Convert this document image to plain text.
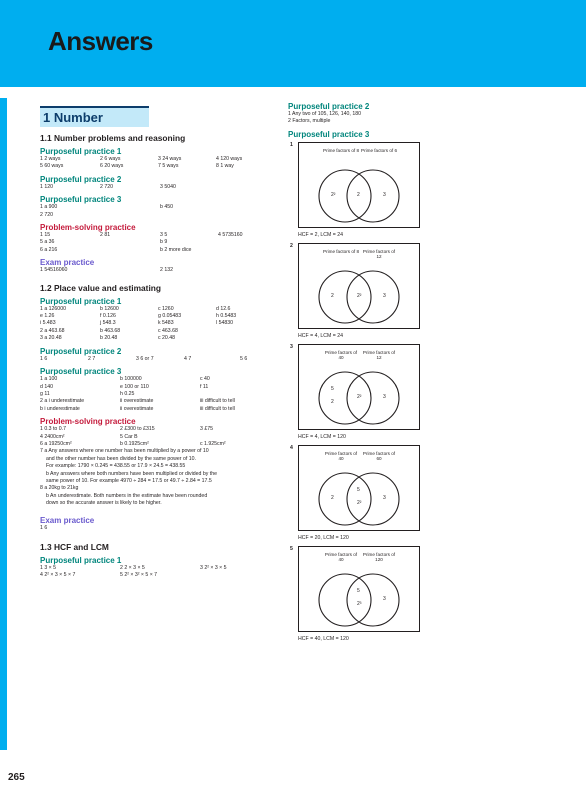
Answers
265
1 Number
1.1 Number problems and reasoning
Purposeful practice 1
1 2 ways	2 6 ways	3 24 ways	4 120 ways
5 60 ways	6 20 ways	7 5 ways	8 1 way
Purposeful practice 2
1 120	2 720	3 5040
Purposeful practice 3
1 a 900	b 450
2 720
Problem-solving practice
1 15	2 81	3 5	4 5735160
5 a 36	b 9
6 a 216	b 2 more dice
Exam practice
1 54516060	2 132
1.2 Place value and estimating
Purposeful practice 1
1 a 126000	b 12600	c 1260	d 12.6
e 1.26	f 0.126	g 0.05483	h 0.5483
i 5.483	j 548.3	k 5483	l 54830
2 a 463.68	b 463.68	c 463.68
3 a 20.48	b 20.48	c 20.48
Purposeful practice 2
1 6	2 7	3 6 or 7	4 7	5 6
Purposeful practice 3
1 a 100	b 100000	c 40
d 140	e 100 or 110	f 11
g 11	h 0.25
2 a i underestimate	ii overestimate	iii difficult to tell
b i underestimate	ii overestimate	iii difficult to tell
Problem-solving practice
1 0.3 to 0.7	2 £300 to £315	3 £75
4 2400cm²	5 Car B
6 a 19250cm²	b 0.1925cm²	c 1.925cm²
7 a Any answers where one number has been multiplied by a power of 10
and the other number has been divided by the same power of 10.
For example: 1790 × 0.245 = 438.55 or 17.9 × 24.5 = 438.55
b Any answers where both numbers have been multiplied or divided by the
same power of 10. For example 4970 ÷ 284 = 17.5 or 49.7 ÷ 2.84 = 17.5
8 a 20kg to 21kg
b An underestimate. Both numbers in the estimate have been rounded
down so the accurate answer is likely to be higher.
Exam practice
1 6
1.3 HCF and LCM
Purposeful practice 1
1 3 × 5	2 2 × 3 × 5	3 2² × 3 × 5
4 2² × 3 × 5 × 7	5 2² × 3² × 5 × 7
Purposeful practice 2
1 Any two of 105, 126, 140, 180
2 Factors, multiple
Purposeful practice 3
1
Prime factors of 8 Prime factors of 6
2²	2	3
HCF = 2, LCM = 24
2
Prime factors of 8 Prime factors of 12
2	2²	3
HCF = 4, LCM = 24
3
Prime factors of 40
Prime factors of 12
5
2
2²	3
HCF = 4, LCM = 120
4
Prime factors of 40
Prime factors of 60
2
5
2²
3
HCF = 20, LCM = 120
5
Prime factors of 40
Prime factors of 120
5
2³
3
HCF = 40, LCM = 120
